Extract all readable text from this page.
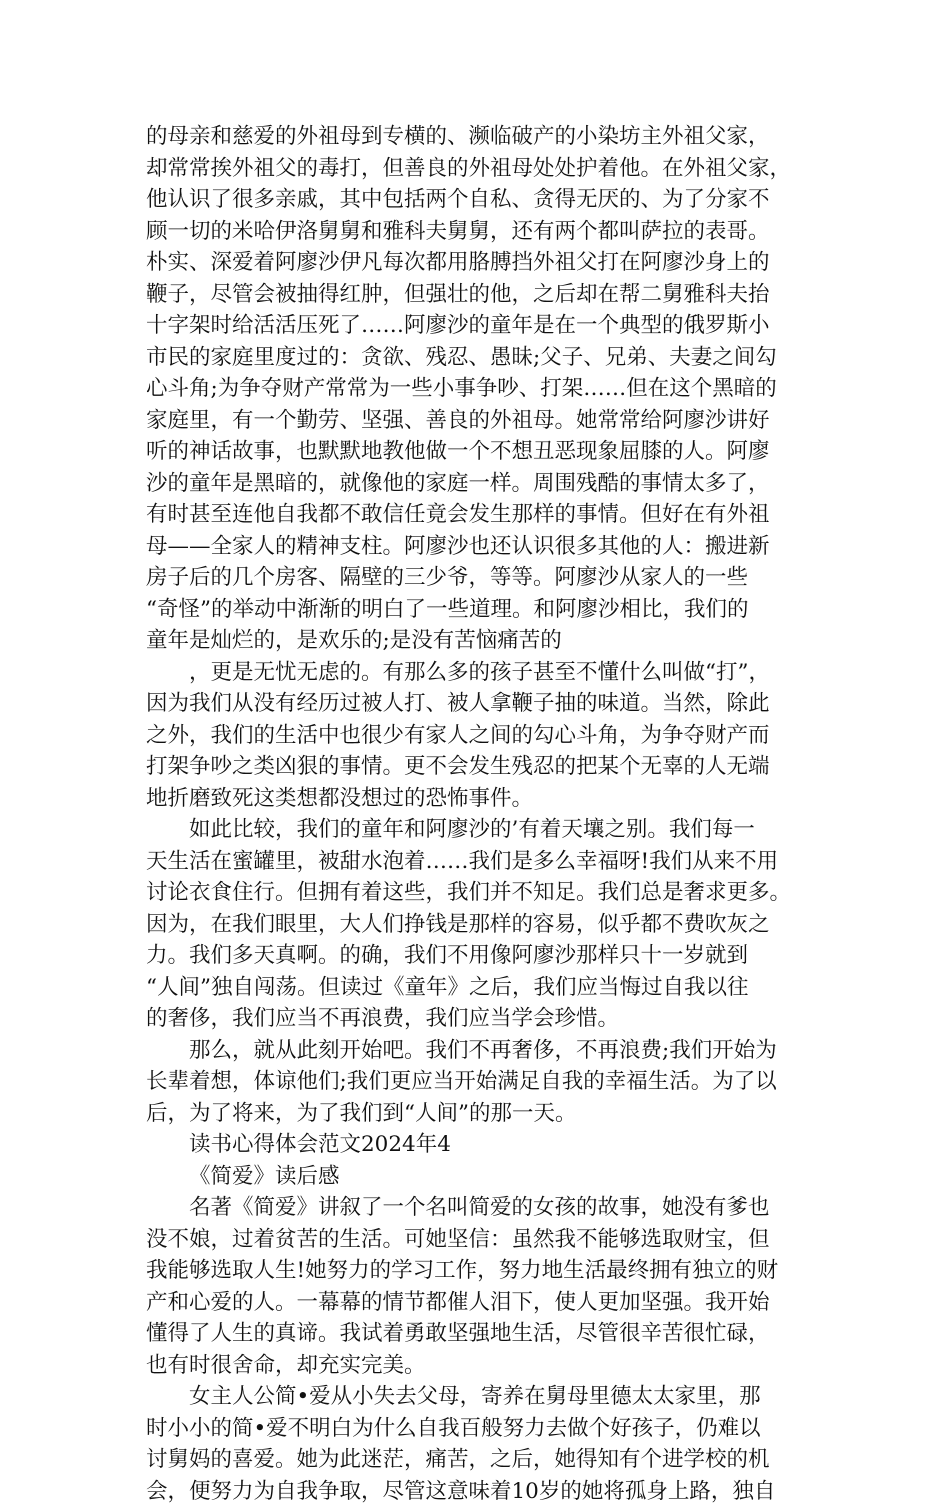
的母亲和慈爱的外祖母到专横的、濒临破产的小染坊主外祖父家，
却常常挨外祖父的毒打，但善良的外祖母处处护着他。在外祖父家，
他认识了很多亲戚，其中包括两个自私、贪得无厌的、为了分家不
顾一切的米哈伊洛舅舅和雅科夫舅舅，还有两个都叫萨拉的表哥。
朴实、深爱着阿廖沙伊凡每次都用胳膊挡外祖父打在阿廖沙身上的
鞭子，尽管会被抽得红肿，但强壮的他，之后却在帮二舅雅科夫抬
十字架时给活活压死了……阿廖沙的童年是在一个典型的俄罗斯小
市民的家庭里度过的：贪欲、残忍、愚昧;父子、兄弟、夫妻之间勾
心斗角;为争夺财产常常为一些小事争吵、打架……但在这个黑暗的
家庭里，有一个勤劳、坚强、善良的外祖母。她常常给阿廖沙讲好
听的神话故事，也默默地教他做一个不想丑恶现象屈膝的人。阿廖
沙的童年是黑暗的，就像他的家庭一样。周围残酷的事情太多了，
有时甚至连他自我都不敢信任竟会发生那样的事情。但好在有外祖
母——全家人的精神支柱。阿廖沙也还认识很多其他的人：搬进新
房子后的几个房客、隔壁的三少爷，等等。阿廖沙从家人的一些
“奇怪”的举动中渐渐的明白了一些道理。和阿廖沙相比，我们的
童年是灿烂的，是欢乐的;是没有苦恼痛苦的
，更是无忧无虑的。有那么多的孩子甚至不懂什么叫做“打”，
因为我们从没有经历过被人打、被人拿鞭子抽的味道。当然，除此
之外，我们的生活中也很少有家人之间的勾心斗角，为争夺财产而
打架争吵之类凶狠的事情。更不会发生残忍的把某个无辜的人无端
地折磨致死这类想都没想过的恐怖事件。
如此比较，我们的童年和阿廖沙的’有着天壤之别。我们每一
天生活在蜜罐里，被甜水泡着……我们是多么幸福呀!我们从来不用
讨论衣食住行。但拥有着这些，我们并不知足。我们总是奢求更多。
因为，在我们眼里，大人们挣钱是那样的容易，似乎都不费吹灰之
力。我们多天真啊。的确，我们不用像阿廖沙那样只十一岁就到
“人间”独自闯荡。但读过《童年》之后，我们应当悔过自我以往
的奢侈，我们应当不再浪费，我们应当学会珍惜。
那么，就从此刻开始吧。我们不再奢侈，不再浪费;我们开始为
长辈着想，体谅他们;我们更应当开始满足自我的幸福生活。为了以
后，为了将来，为了我们到“人间”的那一天。
读书心得体会范文2024年4
《简爱》读后感
名著《简爱》讲叙了一个名叫简爱的女孩的故事，她没有爹也
没不娘，过着贫苦的生活。可她坚信：虽然我不能够选取财宝，但
我能够选取人生!她努力的学习工作，努力地生活最终拥有独立的财
产和心爱的人。一幕幕的情节都催人泪下，使人更加坚强。我开始
懂得了人生的真谛。我试着勇敢坚强地生活，尽管很辛苦很忙碌，
也有时很舍命，却充实完美。
女主人公简•爱从小失去父母，寄养在舅母里德太太家里，那
时小小的简•爱不明白为什么自我百般努力去做个好孩子，仍难以
讨舅妈的喜爱。她为此迷茫，痛苦，之后，她得知有个进学校的机
会，便努力为自我争取，尽管这意味着10岁的她将孤身上路，独自
